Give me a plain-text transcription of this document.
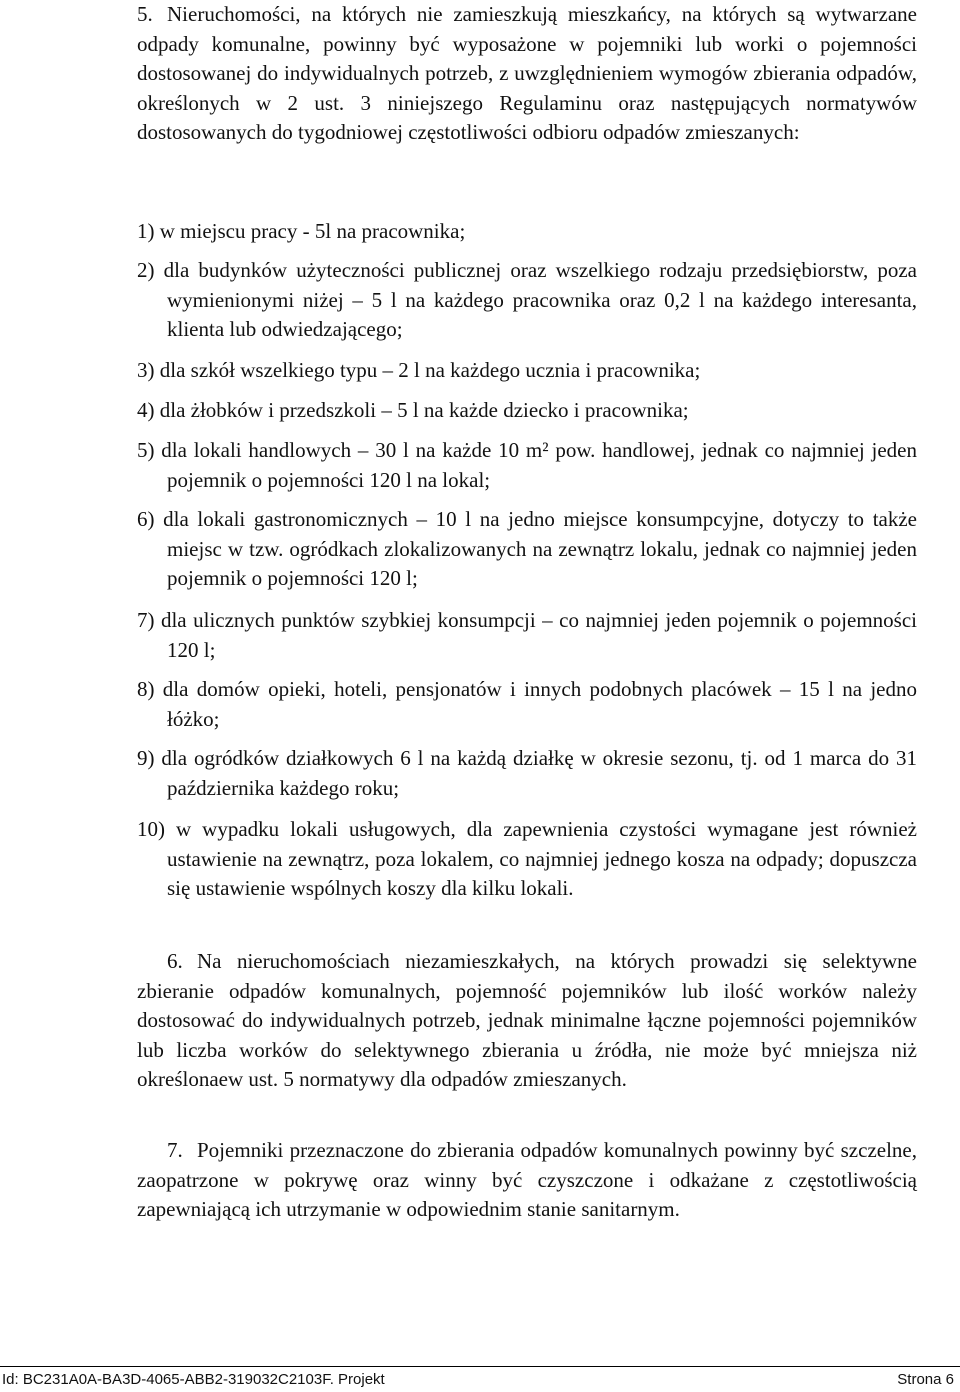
5. Nieruchomości, na których nie zamieszkują mieszkańcy, na których są wytwarzane odpady komunalne, powinny być wyposażone w pojemniki lub worki o pojemności dostosowanej do indywidualnych potrzeb, z uwzględnieniem wymogów zbierania odpadów, określonych w 2 ust. 3 niniejszego Regulaminu oraz następujących normatywów dostosowanych do tygodniowej częstotliwości odbioru odpadów zmieszanych:

1) w miejscu pracy - 5l na pracownika;

2) dla budynków użyteczności publicznej oraz wszelkiego rodzaju przedsiębiorstw, poza wymienionymi niżej – 5 l na każdego pracownika oraz 0,2 l na każdego interesanta, klienta lub odwiedzającego;

3) dla szkół wszelkiego typu – 2 l na każdego ucznia i pracownika;

4) dla żłobków i przedszkoli – 5 l na każde dziecko i pracownika;

5) dla lokali handlowych – 30 l na każde 10 m² pow. handlowej, jednak co najmniej jeden pojemnik o pojemności 120 l na lokal;

6) dla lokali gastronomicznych – 10 l na jedno miejsce konsumpcyjne, dotyczy to także miejsc w tzw. ogródkach zlokalizowanych na zewnątrz lokalu, jednak co najmniej jeden pojemnik o pojemności 120 l;

7) dla ulicznych punktów szybkiej konsumpcji – co najmniej jeden pojemnik o pojemności 120 l;

8) dla domów opieki, hoteli, pensjonatów i innych podobnych placówek – 15 l na jedno łóżko;

9) dla ogródków działkowych 6 l na każdą działkę w okresie sezonu, tj. od 1 marca do 31 października każdego roku;

10) w wypadku lokali usługowych, dla zapewnienia czystości wymagane jest również ustawienie na zewnątrz, poza lokalem, co najmniej jednego kosza na odpady; dopuszcza się ustawienie wspólnych koszy dla kilku lokali.

6. Na nieruchomościach niezamieszkałych, na których prowadzi się selektywne zbieranie odpadów komunalnych, pojemność pojemników lub ilość worków należy dostosować do indywidualnych potrzeb, jednak minimalne łączne pojemności pojemników lub liczba worków do selektywnego zbierania u źródła, nie może być mniejsza niż określonaew ust. 5 normatywy dla odpadów zmieszanych.

7. Pojemniki przeznaczone do zbierania odpadów komunalnych powinny być szczelne, zaopatrzone w pokrywę oraz winny być czyszczone i odkażane z częstotliwością zapewniającą ich utrzymanie w odpowiednim stanie sanitarnym.

Id: BC231A0A-BA3D-4065-ABB2-319032C2103F. Projekt	Strona 6
